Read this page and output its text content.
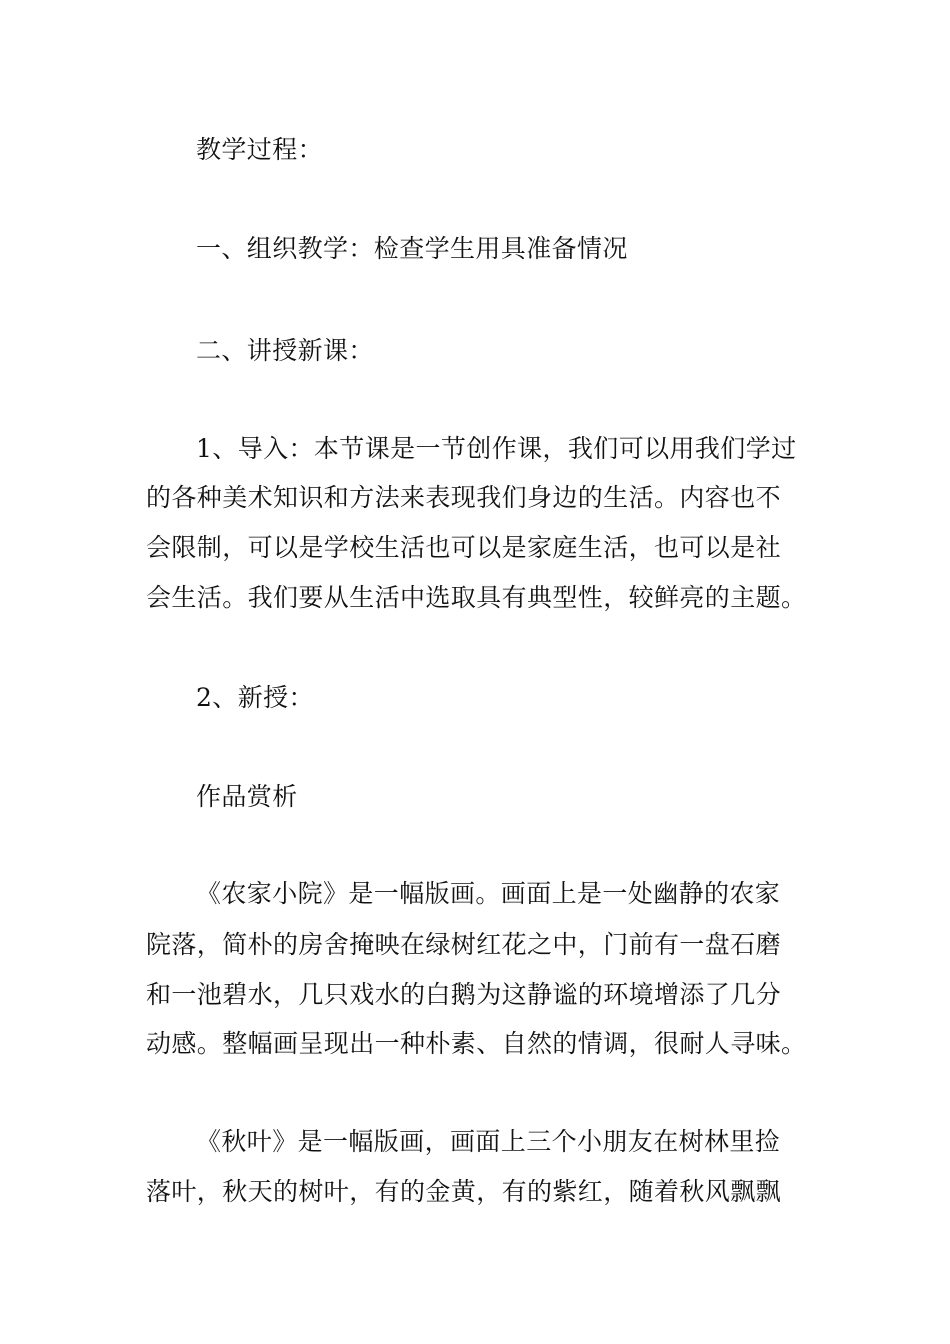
教学过程：
一、组织教学：检查学生用具准备情况
二、讲授新课：
1、导入：本节课是一节创作课，我们可以用我们学过
的各种美术知识和方法来表现我们身边的生活。内容也不
会限制，可以是学校生活也可以是家庭生活，也可以是社
会生活。我们要从生活中选取具有典型性，较鲜亮的主题。
2、新授：
作品赏析
《农家小院》是一幅版画。画面上是一处幽静的农家
院落，简朴的房舍掩映在绿树红花之中，门前有一盘石磨
和一池碧水，几只戏水的白鹅为这静谧的环境增添了几分
动感。整幅画呈现出一种朴素、自然的情调，很耐人寻味。
《秋叶》是一幅版画，画面上三个小朋友在树林里捡
落叶，秋天的树叶，有的金黄，有的紫红，随着秋风飘飘
